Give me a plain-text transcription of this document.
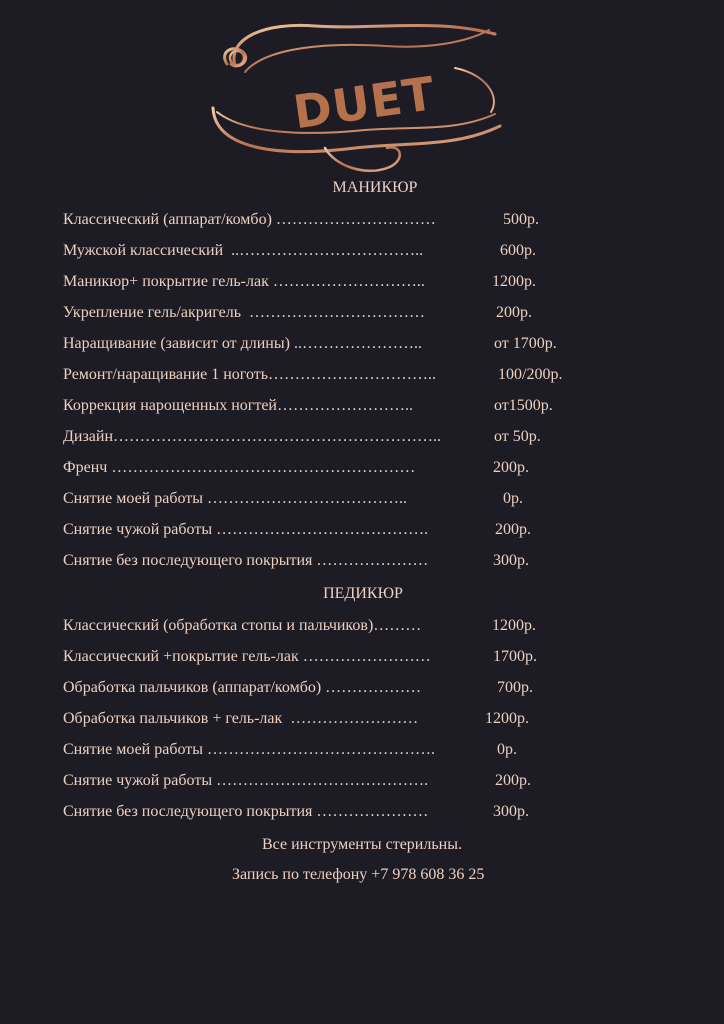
DUET
МАНИКЮР
Классический (аппарат/комбо) …………………………	500р.
Мужской классический  ..……………………………..	600р.
Маникюр+ покрытие гель-лак ………………………..	1200р.
Укрепление гель/акригель  ……………………………	200р.
Наращивание (зависит от длины) ..…………………..	от 1700р.
Ремонт/наращивание 1 ноготь…………………………..	100/200р.
Коррекция нарощенных ногтей……………………..	от1500р.
Дизайн……………………………………………………..	от 50р.
Френч …………………………………………………	200р.
Снятие моей работы ………………………………..	0р.
Снятие чужой работы ………………………………….	200р.
Снятие без последующего покрытия …………………	300р.
ПЕДИКЮР
Классический (обработка стопы и пальчиков)………	1200р.
Классический +покрытие гель-лак ……………………	1700р.
Обработка пальчиков (аппарат/комбо) ………………	700р.
Обработка пальчиков + гель-лак  ……………………	1200р.
Снятие моей работы …………………………………….	0р.
Снятие чужой работы ………………………………….	200р.
Снятие без последующего покрытия …………………	300р.
Все инструменты стерильны.
Запись по телефону +7 978 608 36 25
